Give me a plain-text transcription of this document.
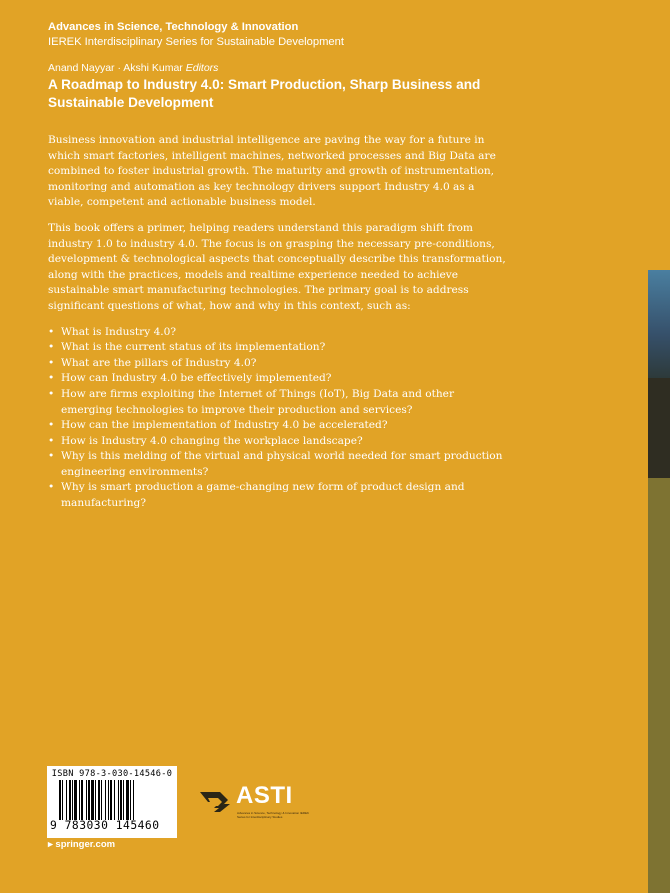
Advances in Science, Technology & Innovation
IEREK Interdisciplinary Series for Sustainable Development
Anand Nayyar · Akshi Kumar Editors
A Roadmap to Industry 4.0: Smart Production, Sharp Business and Sustainable Development

Business innovation and industrial intelligence are paving the way for a future in which smart factories, intelligent machines, networked processes and Big Data are combined to foster industrial growth. The maturity and growth of instrumentation, monitoring and automation as key technology drivers support Industry 4.0 as a viable, competent and actionable business model.

This book offers a primer, helping readers understand this paradigm shift from industry 1.0 to industry 4.0. The focus is on grasping the necessary pre-conditions, development & technological aspects that conceptually describe this transformation, along with the practices, models and realtime experience needed to achieve sustainable smart manufacturing technologies. The primary goal is to address significant questions of what, how and why in this context, such as:

• What is Industry 4.0?
• What is the current status of its implementation?
• What are the pillars of Industry 4.0?
• How can Industry 4.0 be effectively implemented?
• How are firms exploiting the Internet of Things (IoT), Big Data and other emerging technologies to improve their production and services?
• How can the implementation of Industry 4.0 be accelerated?
• How is Industry 4.0 changing the workplace landscape?
• Why is this melding of the virtual and physical world needed for smart production engineering environments?
• Why is smart production a game-changing new form of product design and manufacturing?
ISBN 978-3-030-14546-0
9 783030 145460
▸ springer.com
ASTI
Advances in Science, Technology & Innovation IEREK Series for Interdisciplinary Studies
